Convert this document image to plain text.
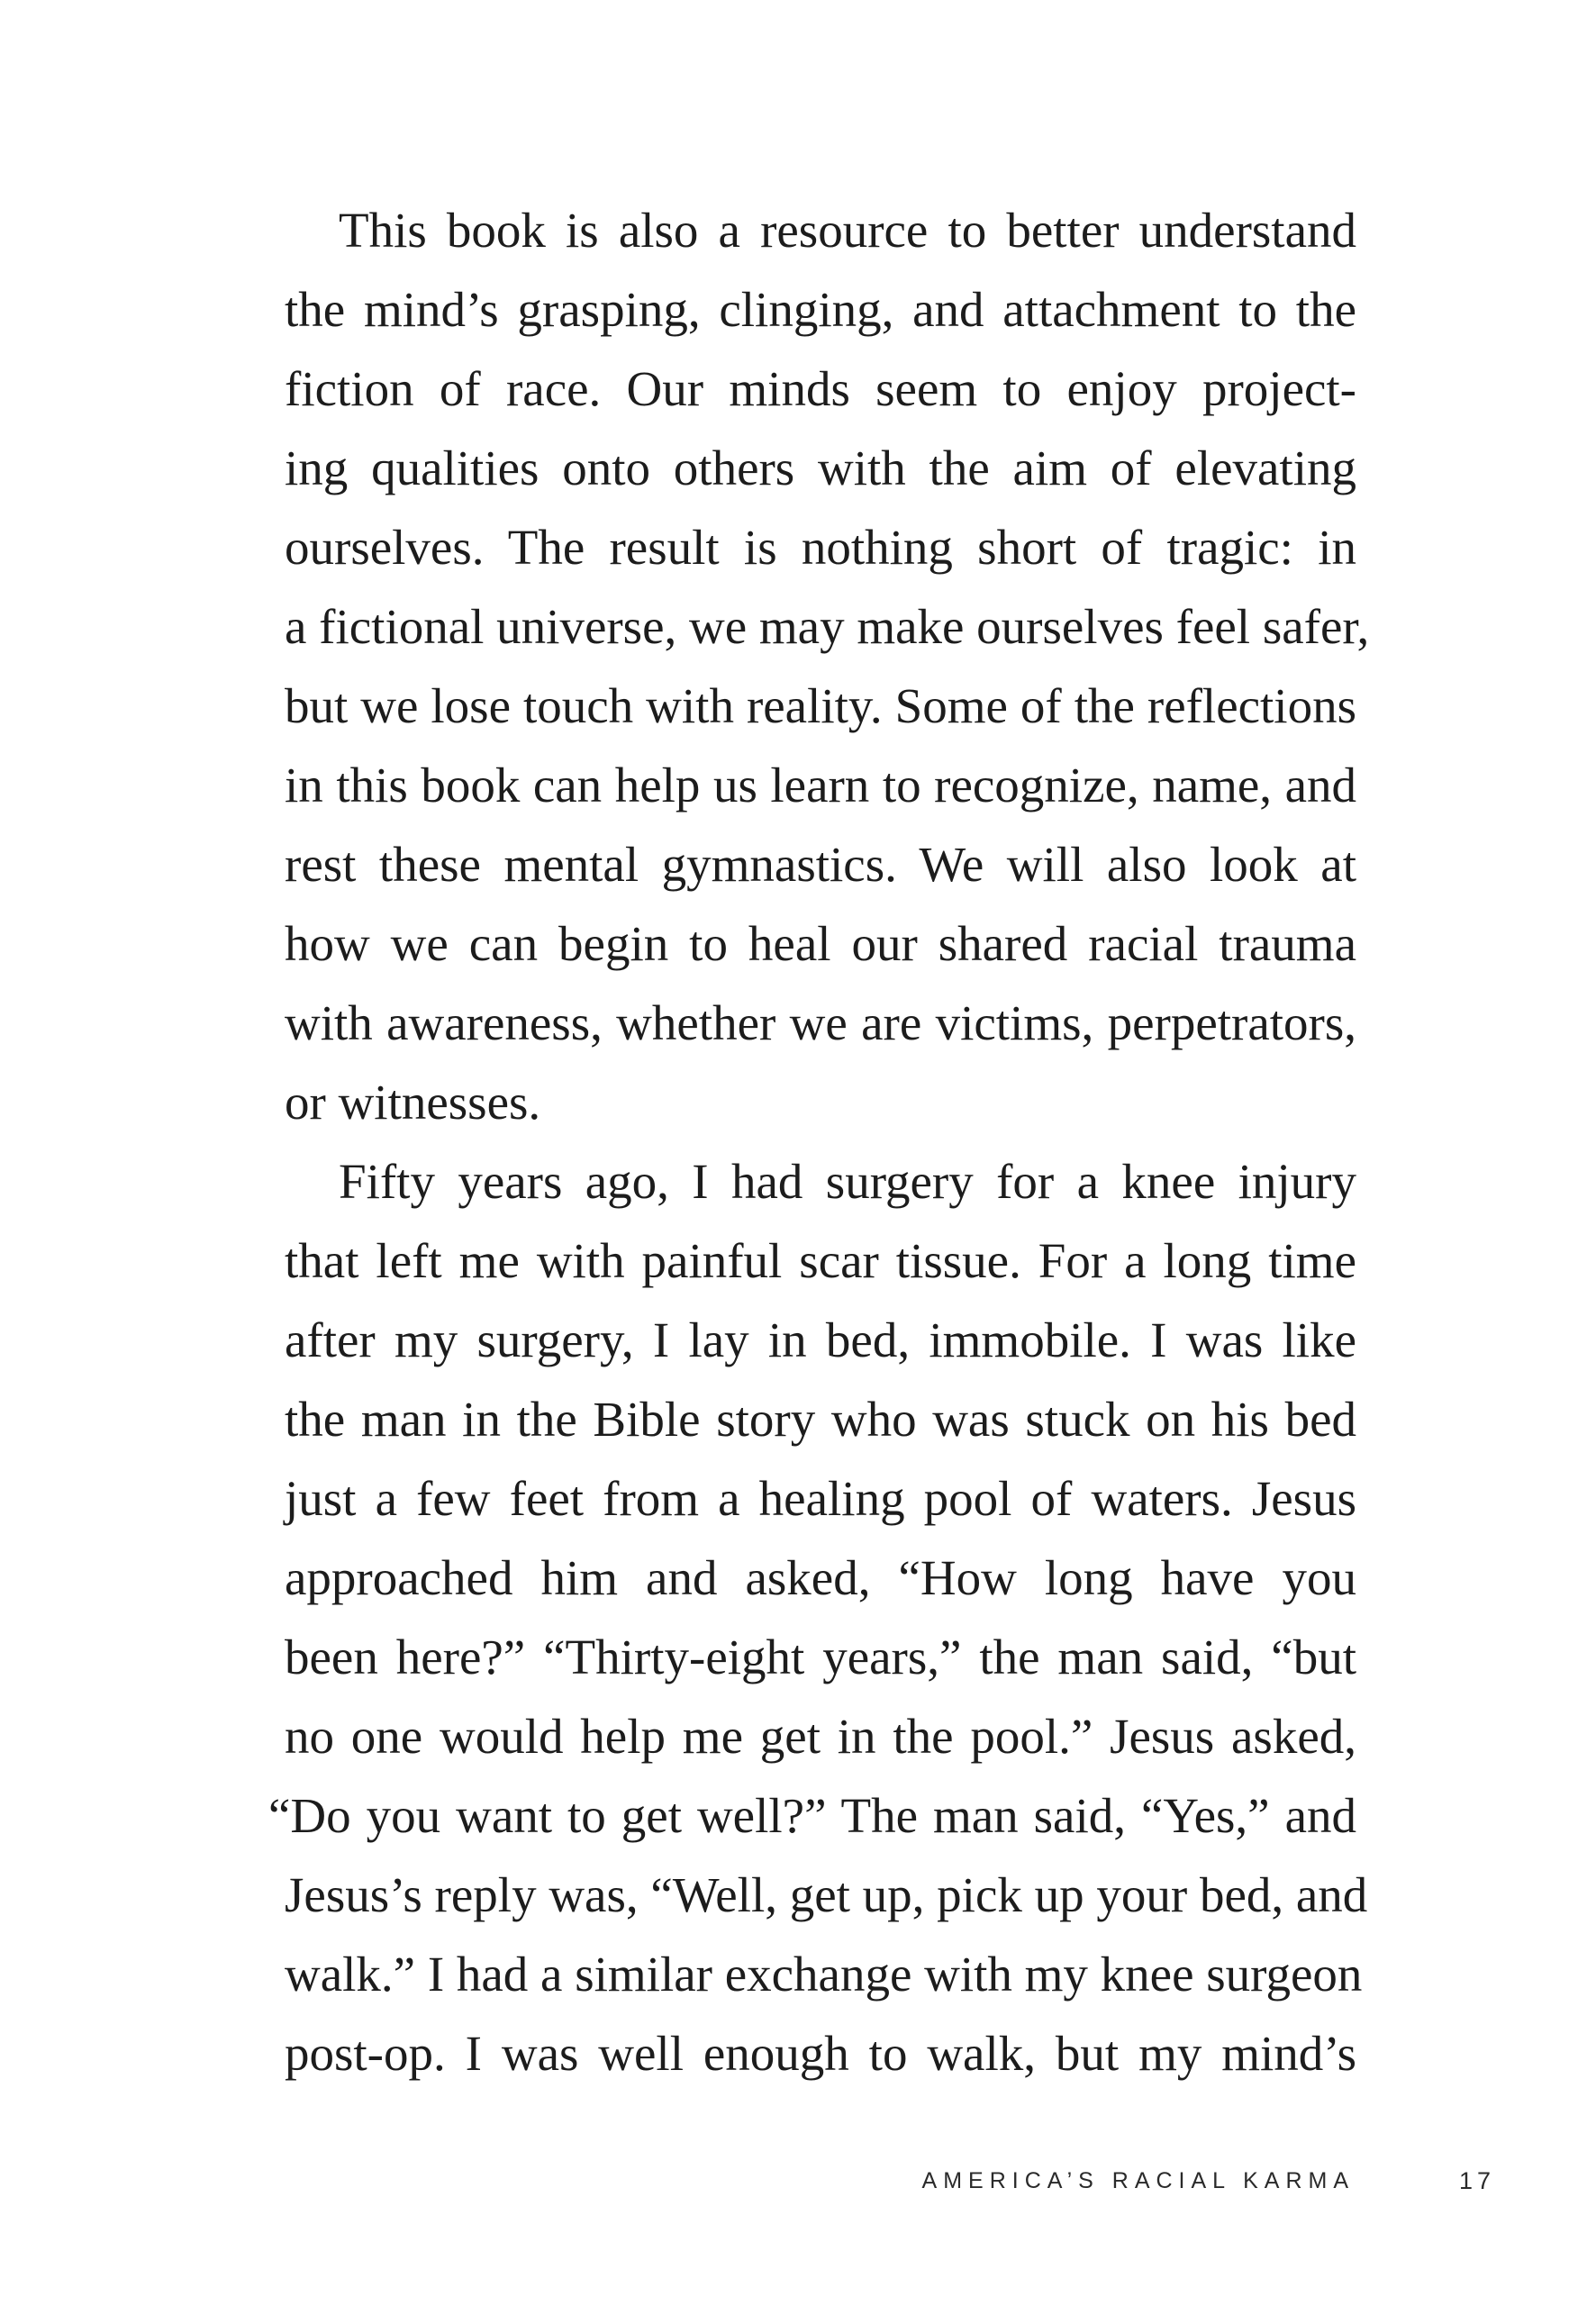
This book is also a resource to better understand
the mind’s grasping, clinging, and attachment to the
fiction of race. Our minds seem to enjoy project-
ing qualities onto others with the aim of elevating
ourselves. The result is nothing short of tragic: in
a fictional universe, we may make ourselves feel safer,
but we lose touch with reality. Some of the reflections
in this book can help us learn to recognize, name, and
rest these mental gymnastics. We will also look at
how we can begin to heal our shared racial trauma
with awareness, whether we are victims, perpetrators,
or witnesses.

Fifty years ago, I had surgery for a knee injury
that left me with painful scar tissue. For a long time
after my surgery, I lay in bed, immobile. I was like
the man in the Bible story who was stuck on his bed
just a few feet from a healing pool of waters. Jesus
approached him and asked, “How long have you
been here?” “Thirty-eight years,” the man said, “but
no one would help me get in the pool.” Jesus asked,
“Do you want to get well?” The man said, “Yes,” and
Jesus’s reply was, “Well, get up, pick up your bed, and
walk.” I had a similar exchange with my knee surgeon
post-op. I was well enough to walk, but my mind’s

AMERICA’S RACIAL KARMA	17
